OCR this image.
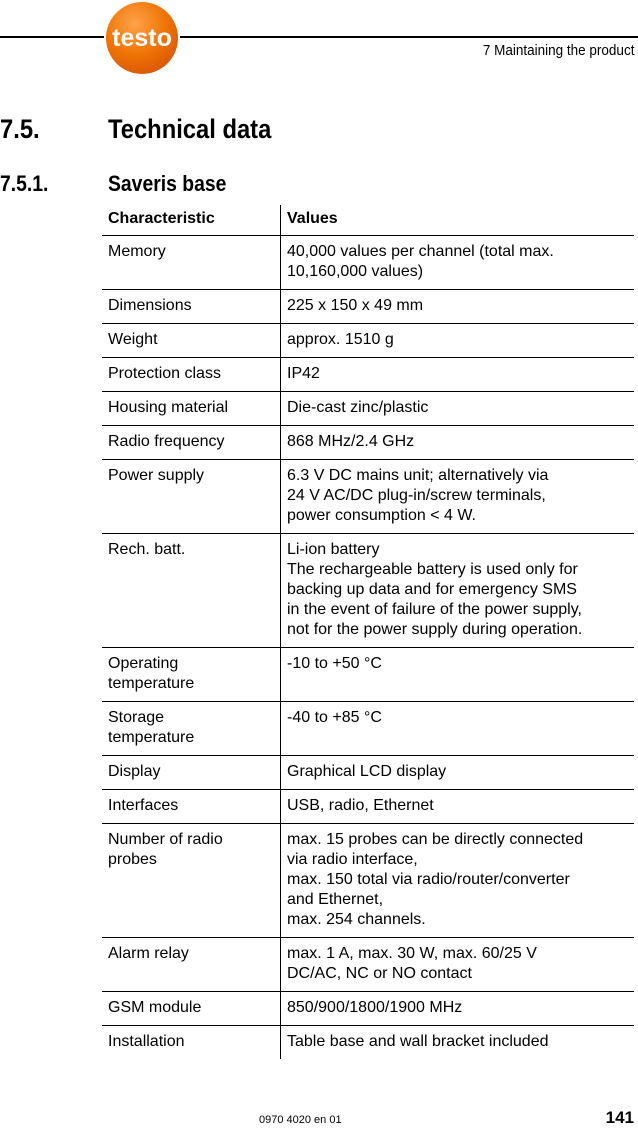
testo	7 Maintaining the product
7.5.	Technical data
7.5.1.	Saveris base
Characteristic	Values
Memory	40,000 values per channel (total max.
10,160,000 values)
Dimensions	225 x 150 x 49 mm
Weight	approx. 1510 g
Protection class	IP42
Housing material	Die-cast zinc/plastic
Radio frequency	868 MHz/2.4 GHz
Power supply	6.3 V DC mains unit; alternatively via
24 V AC/DC plug-in/screw terminals,
power consumption < 4 W.
Rech. batt.	Li-ion battery
The rechargeable battery is used only for
backing up data and for emergency SMS
in the event of failure of the power supply,
not for the power supply during operation.
Operating
temperature	-10 to +50 °C
Storage
temperature	-40 to +85 °C
Display	Graphical LCD display
Interfaces	USB, radio, Ethernet
Number of radio
probes	max. 15 probes can be directly connected
via radio interface,
max. 150 total via radio/router/converter
and Ethernet,
max. 254 channels.
Alarm relay	max. 1 A, max. 30 W, max. 60/25 V
DC/AC, NC or NO contact
GSM module	850/900/1800/1900 MHz
Installation	Table base and wall bracket included
0970 4020 en 01	141
